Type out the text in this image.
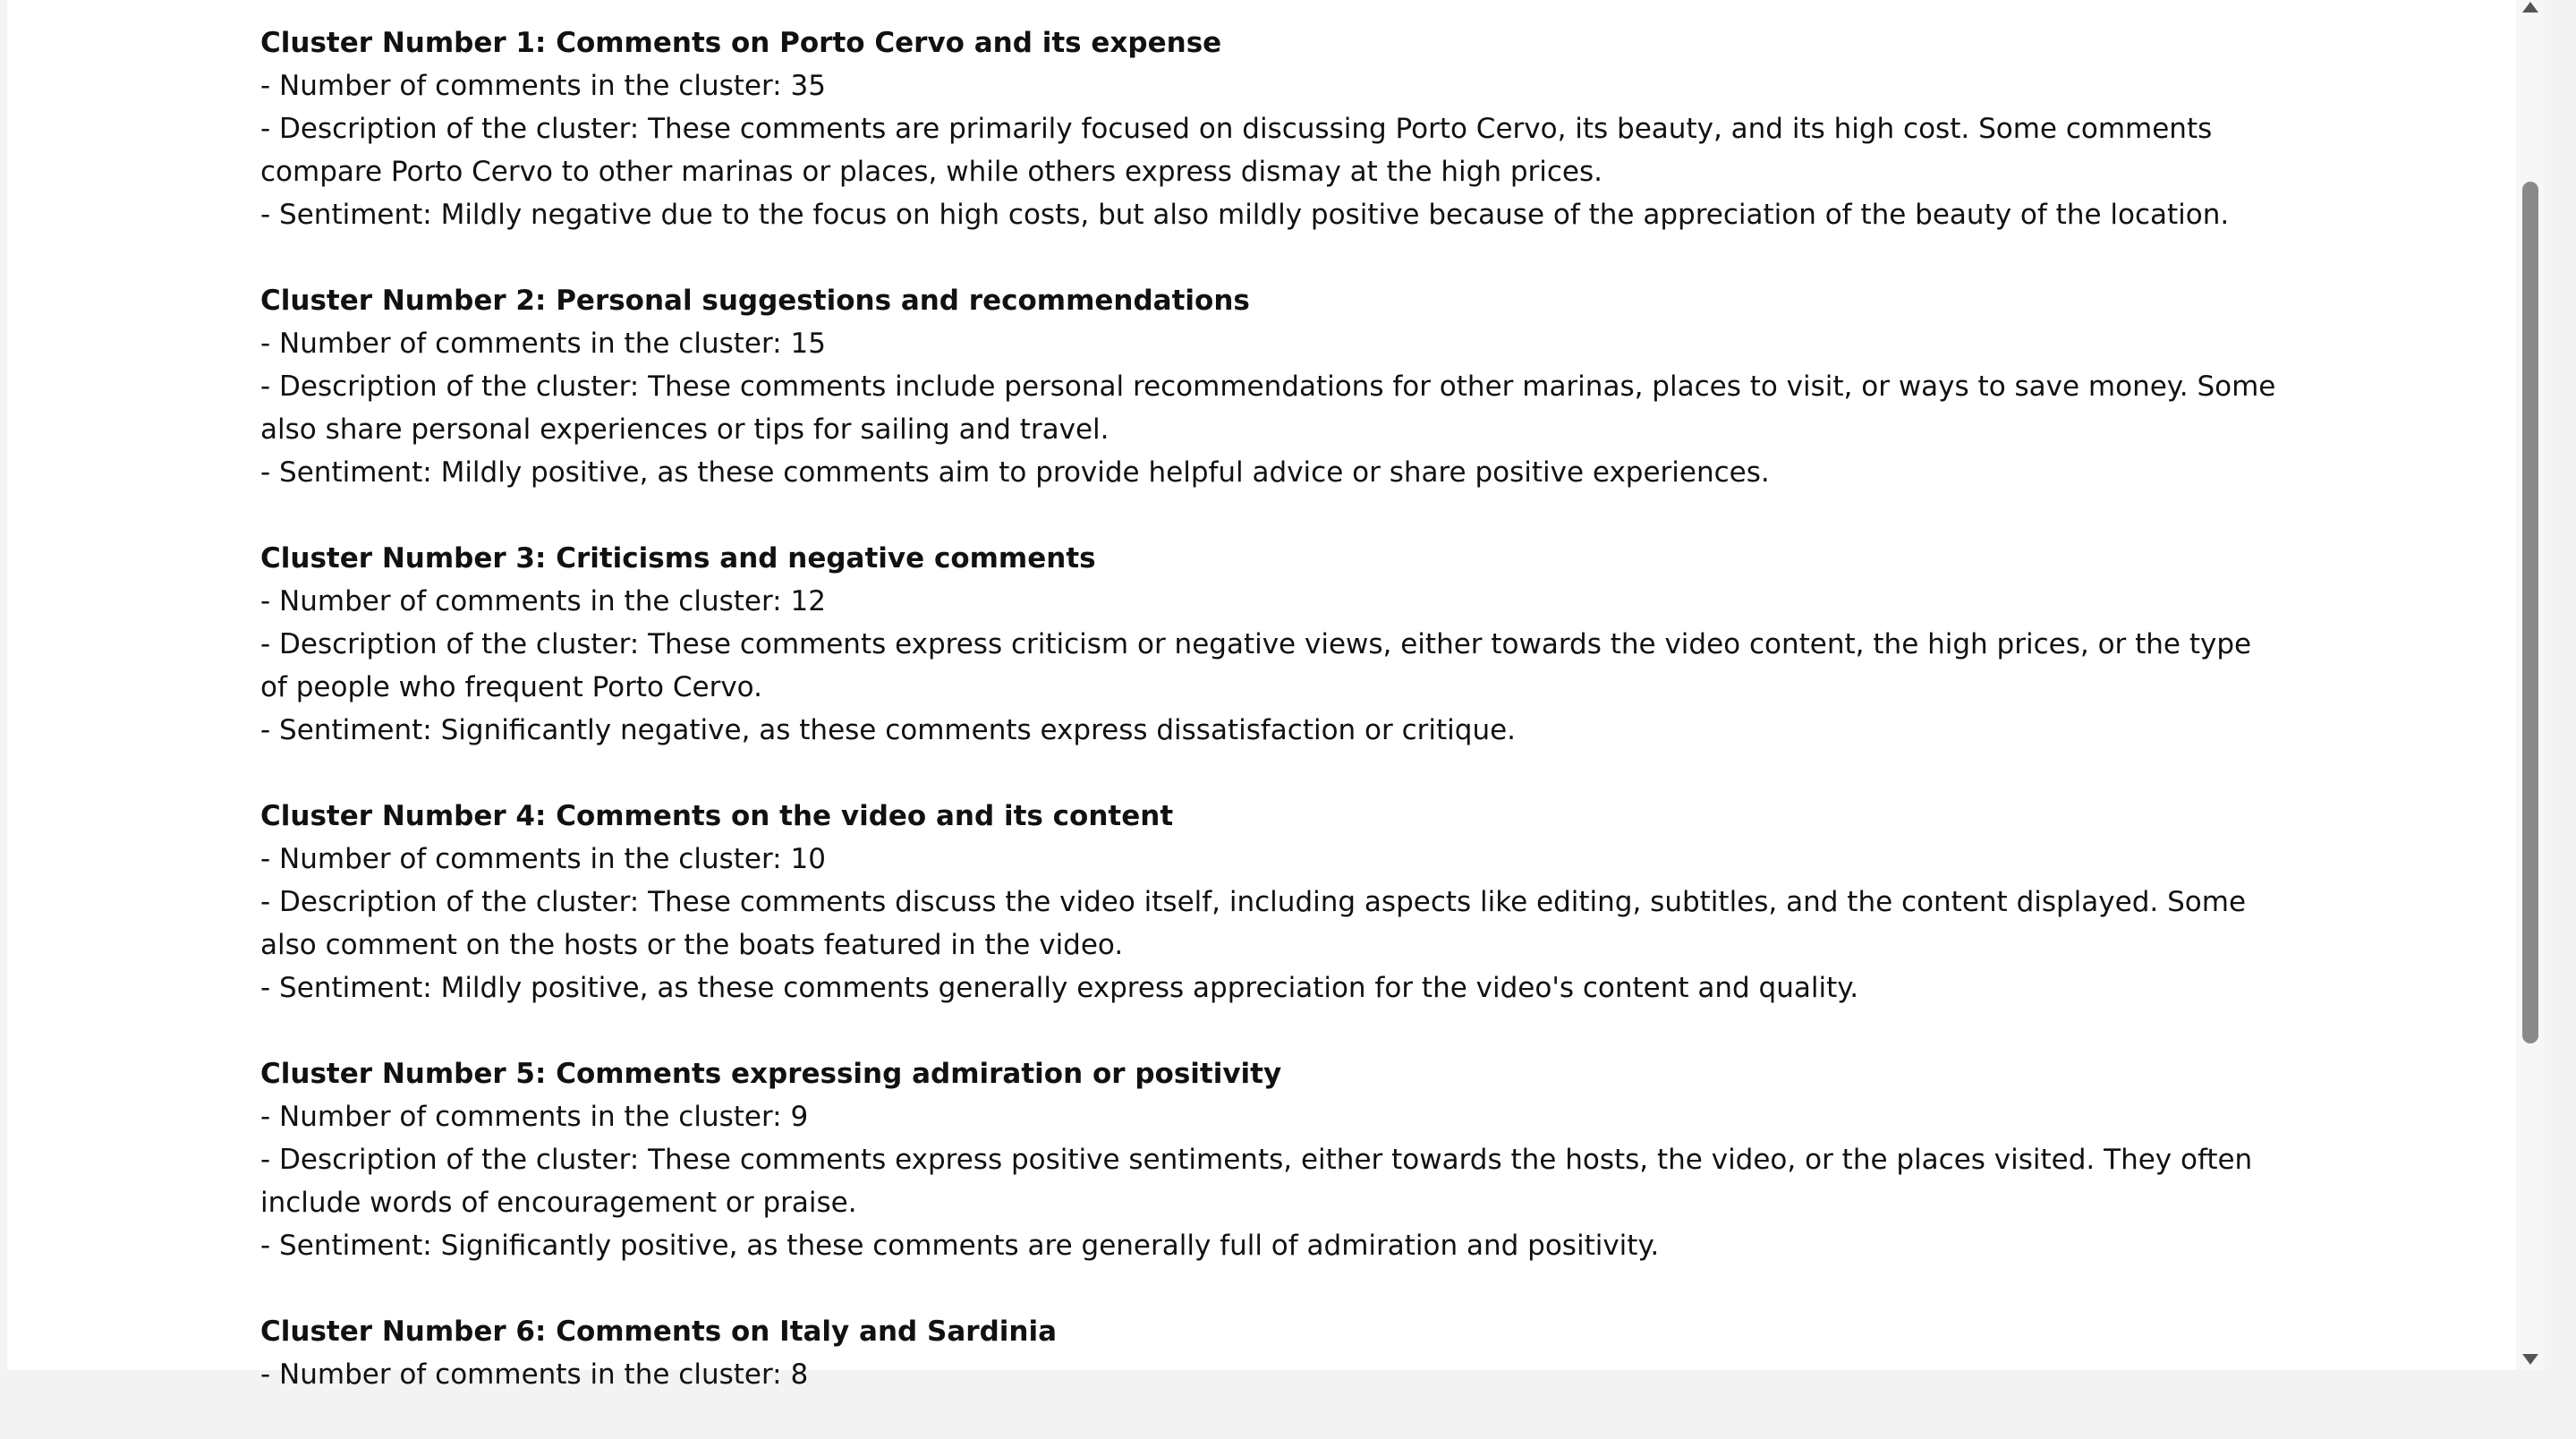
Cluster Number 1: Comments on Porto Cervo and its expense

- Number of comments in the cluster: 35

- Description of the cluster: These comments are primarily focused on discussing Porto Cervo, its beauty, and its high cost. Some comments compare Porto Cervo to other marinas or places, while others express dismay at the high prices.

- Sentiment: Mildly negative due to the focus on high costs, but also mildly positive because of the appreciation of the beauty of the location.

Cluster Number 2: Personal suggestions and recommendations

- Number of comments in the cluster: 15

- Description of the cluster: These comments include personal recommendations for other marinas, places to visit, or ways to save money. Some also share personal experiences or tips for sailing and travel.

- Sentiment: Mildly positive, as these comments aim to provide helpful advice or share positive experiences.

Cluster Number 3: Criticisms and negative comments

- Number of comments in the cluster: 12

- Description of the cluster: These comments express criticism or negative views, either towards the video content, the high prices, or the type of people who frequent Porto Cervo.

- Sentiment: Significantly negative, as these comments express dissatisfaction or critique.

Cluster Number 4: Comments on the video and its content

- Number of comments in the cluster: 10

- Description of the cluster: These comments discuss the video itself, including aspects like editing, subtitles, and the content displayed. Some also comment on the hosts or the boats featured in the video.

- Sentiment: Mildly positive, as these comments generally express appreciation for the video's content and quality.

Cluster Number 5: Comments expressing admiration or positivity

- Number of comments in the cluster: 9

- Description of the cluster: These comments express positive sentiments, either towards the hosts, the video, or the places visited. They often include words of encouragement or praise.

- Sentiment: Significantly positive, as these comments are generally full of admiration and positivity.

Cluster Number 6: Comments on Italy and Sardinia

- Number of comments in the cluster: 8
